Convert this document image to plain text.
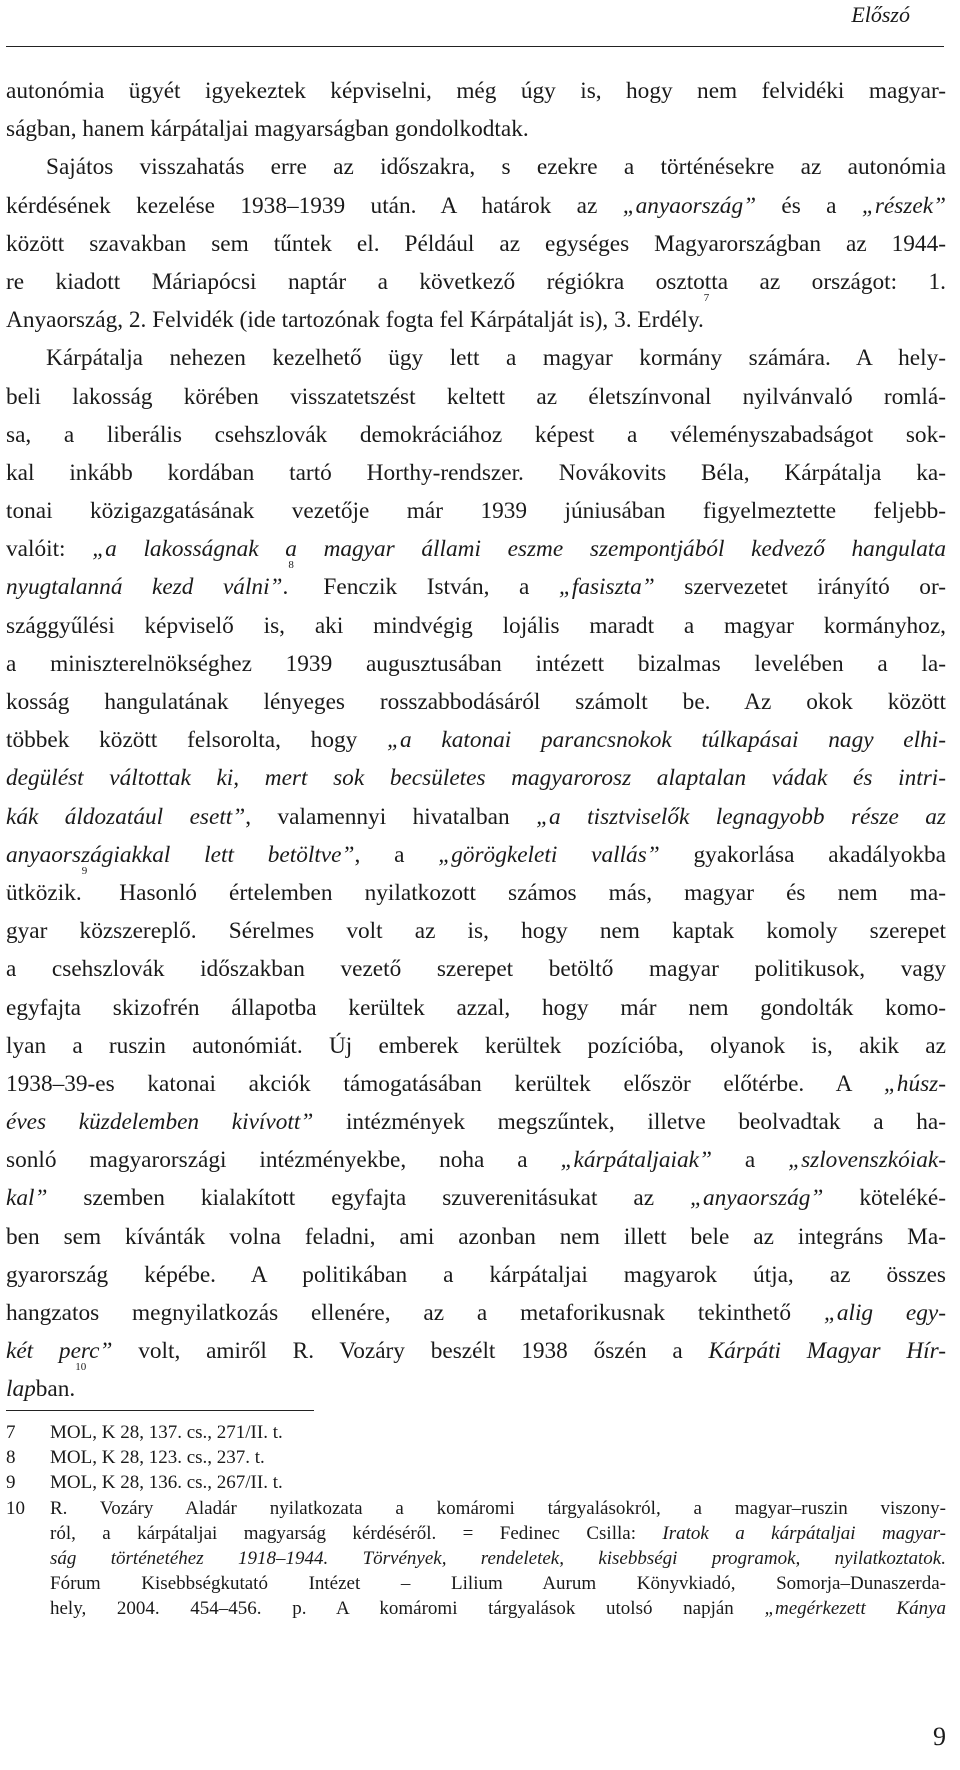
Előszó
autonómia ügyét igyekeztek képviselni, még úgy is, hogy nem felvidéki magyar-
ságban, hanem kárpátaljai magyarságban gondolkodtak.
Sajátos visszahatás erre az időszakra, s ezekre a történésekre az autonómia
kérdésének kezelése 1938–1939 után. A határok az „anyaország” és a „részek”
között szavakban sem tűntek el. Például az egységes Magyarországban az 1944-
re kiadott Máriapócsi naptár a következő régiókra osztotta az országot: 1.
Anyaország, 2. Felvidék (ide tartozónak fogta fel Kárpátalját is), 3. Erdély.$^7$
Kárpátalja nehezen kezelhető ügy lett a magyar kormány számára. A hely-
beli lakosság körében visszatetszést keltett az életszínvonal nyilvánvaló romlá-
sa, a liberális csehszlovák demokráciához képest a véleményszabadságot sok-
kal inkább kordában tartó Horthy-rendszer. Novákovits Béla, Kárpátalja ka-
tonai közigazgatásának vezetője már 1939 júniusában figyelmeztette feljebb-
valóit: „a lakosságnak a magyar állami eszme szempontjából kedvező hangulata
nyugtalanná kezd válni”.$^8$ Fenczik István, a „fasiszta” szervezetet irányító or-
szággyűlési képviselő is, aki mindvégig lojális maradt a magyar kormányhoz,
a miniszterelnökséghez 1939 augusztusában intézett bizalmas levelében a la-
kosság hangulatának lényeges rosszabbodásáról számolt be. Az okok között
többek között felsorolta, hogy „a katonai parancsnokok túlkapásai nagy elhi-
degülést váltottak ki, mert sok becsületes magyarorosz alaptalan vádak és intri-
kák áldozatául esett”, valamennyi hivatalban „a tisztviselők legnagyobb része az
anyaországiakkal lett betöltve”, a „görögkeleti vallás” gyakorlása akadályokba
ütközik.$^9$ Hasonló értelemben nyilatkozott számos más, magyar és nem ma-
gyar közszereplő. Sérelmes volt az is, hogy nem kaptak komoly szerepet
a csehszlovák időszakban vezető szerepet betöltő magyar politikusok, vagy
egyfajta skizofrén állapotba kerültek azzal, hogy már nem gondolták komo-
lyan a ruszin autonómiát. Új emberek kerültek pozícióba, olyanok is, akik az
1938–39-es katonai akciók támogatásában kerültek először előtérbe. A „húsz-
éves küzdelemben kivívott” intézmények megszűntek, illetve beolvadtak a ha-
sonló magyarországi intézményekbe, noha a „kárpátaljaiak” a „szlovenszkóiak-
kal” szemben kialakított egyfajta szuverenitásukat az „anyaország” köteléké-
ben sem kívánták volna feladni, ami azonban nem illett bele az integráns Ma-
gyarország képébe. A politikában a kárpátaljai magyarok útja, az összes
hangzatos megnyilatkozás ellenére, az a metaforikusnak tekinthető „alig egy-
két perc” volt, amiről R. Vozáry beszélt 1938 őszén a Kárpáti Magyar Hír-
lapban.$^{10}$
7 MOL, K 28, 137. cs., 271/II. t.
8 MOL, K 28, 123. cs., 237. t.
9 MOL, K 28, 136. cs., 267/II. t.
10 R. Vozáry Aladár nyilatkozata a komáromi tárgyalásokról, a magyar–ruszin viszony-
ról, a kárpátaljai magyarság kérdéséről. = Fedinec Csilla: Iratok a kárpátaljai magyar-
ság történetéhez 1918–1944. Törvények, rendeletek, kisebbségi programok, nyilatkoztatok.
Fórum Kisebbségkutató Intézet – Lilium Aurum Könyvkiadó, Somorja–Dunaszerda-
hely, 2004. 454–456. p. A komáromi tárgyalások utolsó napján „megérkezett Kánya
9
